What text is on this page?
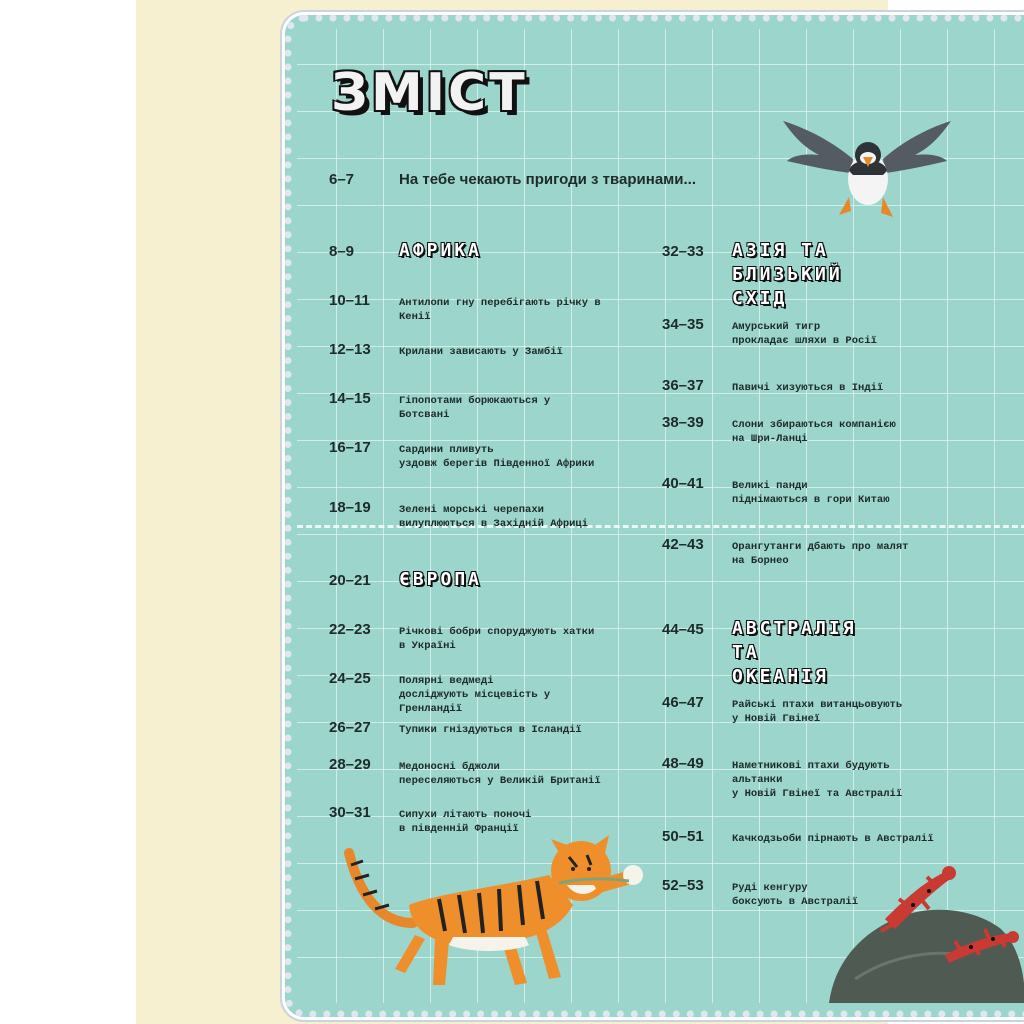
ЗМІСТ
6–7	На тебе чекають пригоди з тваринами...
8–9 АФРИКА
10–11	Антилопи гну перебігають річку в Кенії
12–13	Крилани зависають у Замбії
14–15	Гіпопотами борюкаються у Ботсвані
16–17	Сардини пливуть
уздовж берегів Південної Африки
18–19	Зелені морські черепахи
вилуплюються в Західній Африці
20–21 ЄВРОПА
22–23	Річкові бобри споруджують хатки
в Україні
24–25	Полярні ведмеді
досліджують місцевість у Гренландії
26–27	Тупики гніздуються в Ісландії
28–29	Медоносні бджоли
переселяються у Великій Британії
30–31	Сипухи літають поночі
в південній Франції
32–33 АЗІЯ ТА
БЛИЗЬКИЙ СХІД
34–35	Амурський тигр
прокладає шляхи в Росії
36–37	Павичі хизуються в Індії
38–39	Слони збираються компанією
на Шри-Ланці
40–41	Великі панди
піднімаються в гори Китаю
42–43	Орангутанги дбають про малят
на Борнео
44–45 АВСТРАЛІЯ
ТА ОКЕАНІЯ
46–47	Райські птахи витанцьовують
у Новій Гвінеї
48–49	Наметникові птахи будують альтанки
у Новій Гвінеї та Австралії
50–51	Качкодзьоби пірнають в Австралії
52–53	Руді кенгуру
боксують в Австралії
